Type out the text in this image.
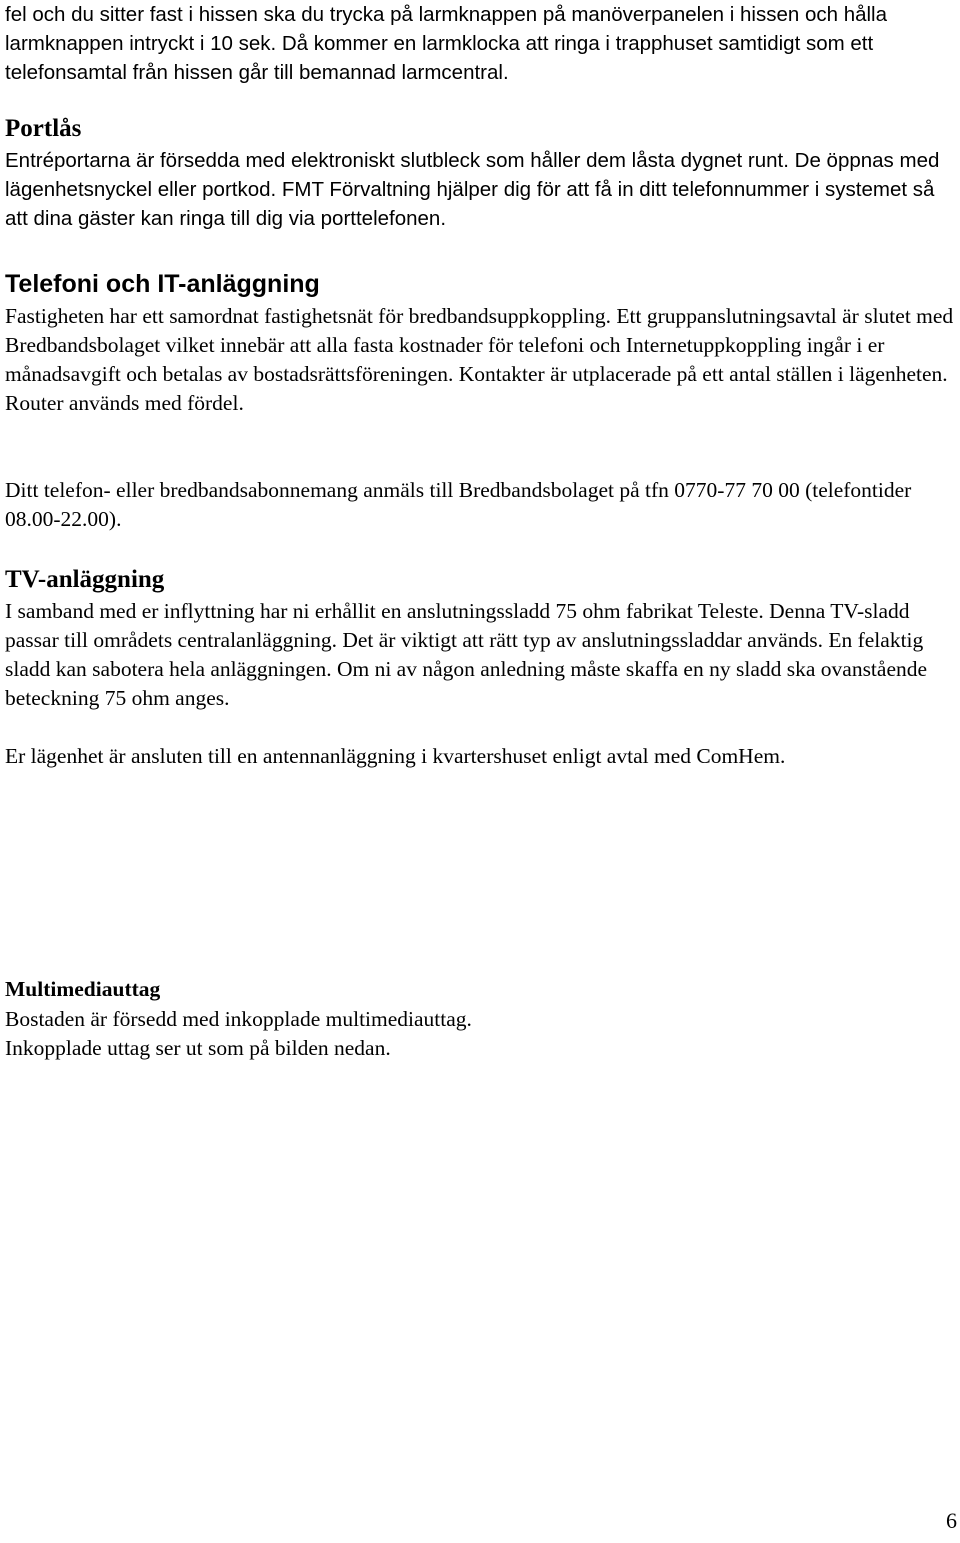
fel och du sitter fast i hissen ska du trycka på larmknappen på manöverpanelen i hissen och hålla larmknappen intryckt i 10 sek. Då kommer en larmklocka att ringa i trapphuset samtidigt som ett telefonsamtal från hissen går till bemannad larmcentral.

Portlås

Entréportarna är försedda med elektroniskt slutbleck som håller dem låsta dygnet runt. De öppnas med lägenhetsnyckel eller portkod. FMT Förvaltning hjälper dig för att få in ditt telefonnummer i systemet så att dina gäster kan ringa till dig via porttelefonen.

Telefoni och IT-anläggning

Fastigheten har ett samordnat fastighetsnät för bredbandsuppkoppling. Ett gruppanslutningsavtal är slutet med Bredbandsbolaget vilket innebär att alla fasta kostnader för telefoni och Internetuppkoppling ingår i er månadsavgift och betalas av bostadsrättsföreningen. Kontakter är utplacerade på ett antal ställen i lägenheten. Router används med fördel.

Ditt telefon- eller bredbandsabonnemang anmäls till Bredbandsbolaget på tfn 0770-77 70 00 (telefontider 08.00-22.00).

TV-anläggning

I samband med er inflyttning har ni erhållit en anslutningssladd 75 ohm fabrikat Teleste. Denna TV-sladd passar till områdets centralanläggning. Det är viktigt att rätt typ av anslutningssladdar används. En felaktig sladd kan sabotera hela anläggningen. Om ni av någon anledning måste skaffa en ny sladd ska ovanstående beteckning 75 ohm anges.

Er lägenhet är ansluten till en antennanläggning i kvartershuset enligt avtal med ComHem.

Multimediauttag

Bostaden är försedd med inkopplade multimediauttag.

Inkopplade uttag ser ut som på bilden nedan.

6
